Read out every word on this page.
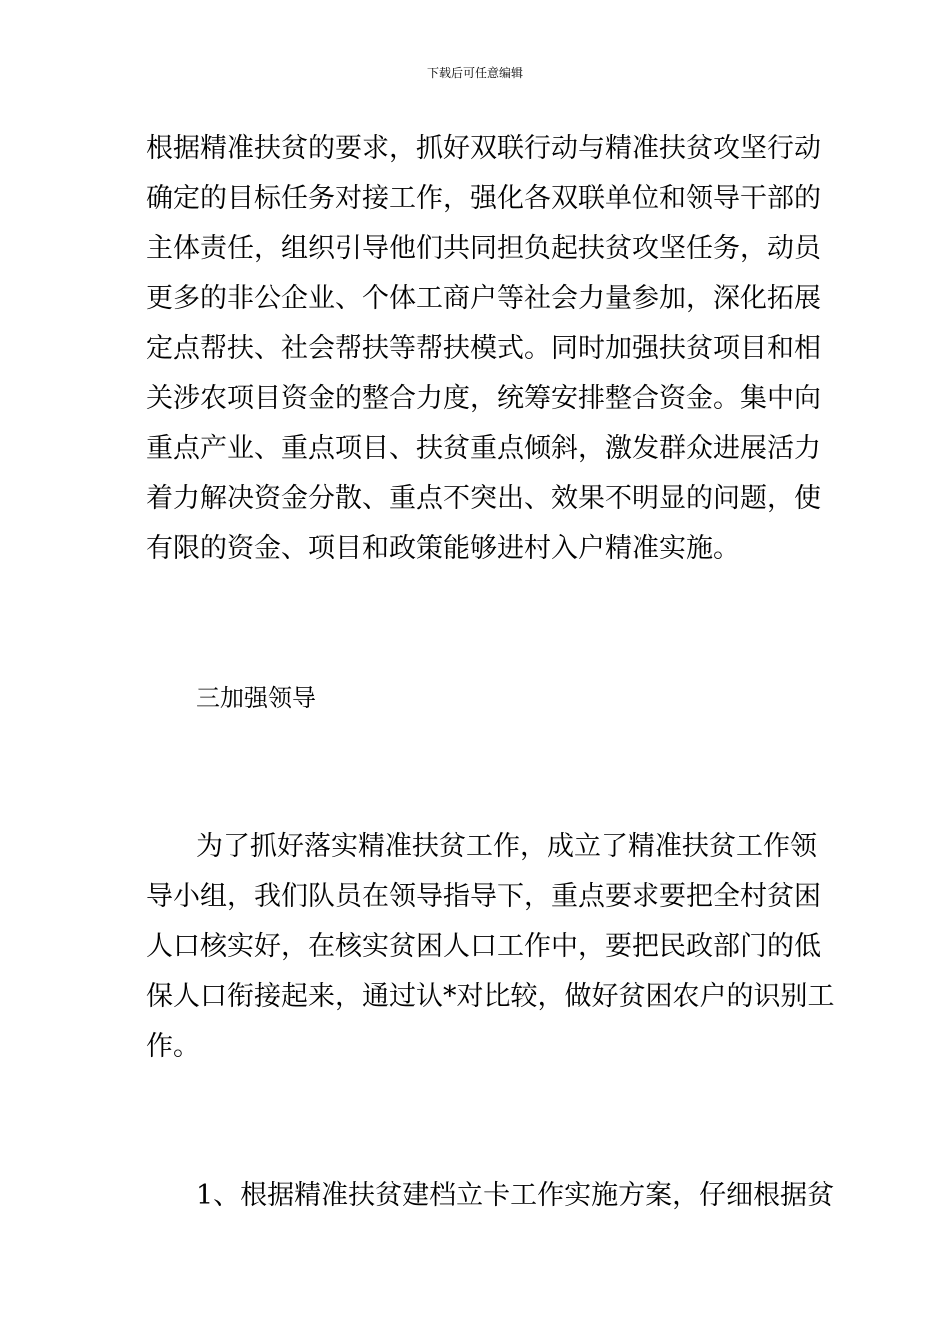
下载后可任意编辑
根据精准扶贫的要求，抓好双联行动与精准扶贫攻坚行动
确定的目标任务对接工作，强化各双联单位和领导干部的
主体责任，组织引导他们共同担负起扶贫攻坚任务，动员
更多的非公企业、个体工商户等社会力量参加，深化拓展
定点帮扶、社会帮扶等帮扶模式。同时加强扶贫项目和相
关涉农项目资金的整合力度，统筹安排整合资金。集中向
重点产业、重点项目、扶贫重点倾斜，激发群众进展活力
着力解决资金分散、重点不突出、效果不明显的问题，使
有限的资金、项目和政策能够进村入户精准实施。
三加强领导
为了抓好落实精准扶贫工作，成立了精准扶贫工作领
导小组，我们队员在领导指导下，重点要求要把全村贫困
人口核实好，在核实贫困人口工作中，要把民政部门的低
保人口衔接起来，通过认*对比较，做好贫困农户的识别工
作。
1、根据精准扶贫建档立卡工作实施方案，仔细根据贫
